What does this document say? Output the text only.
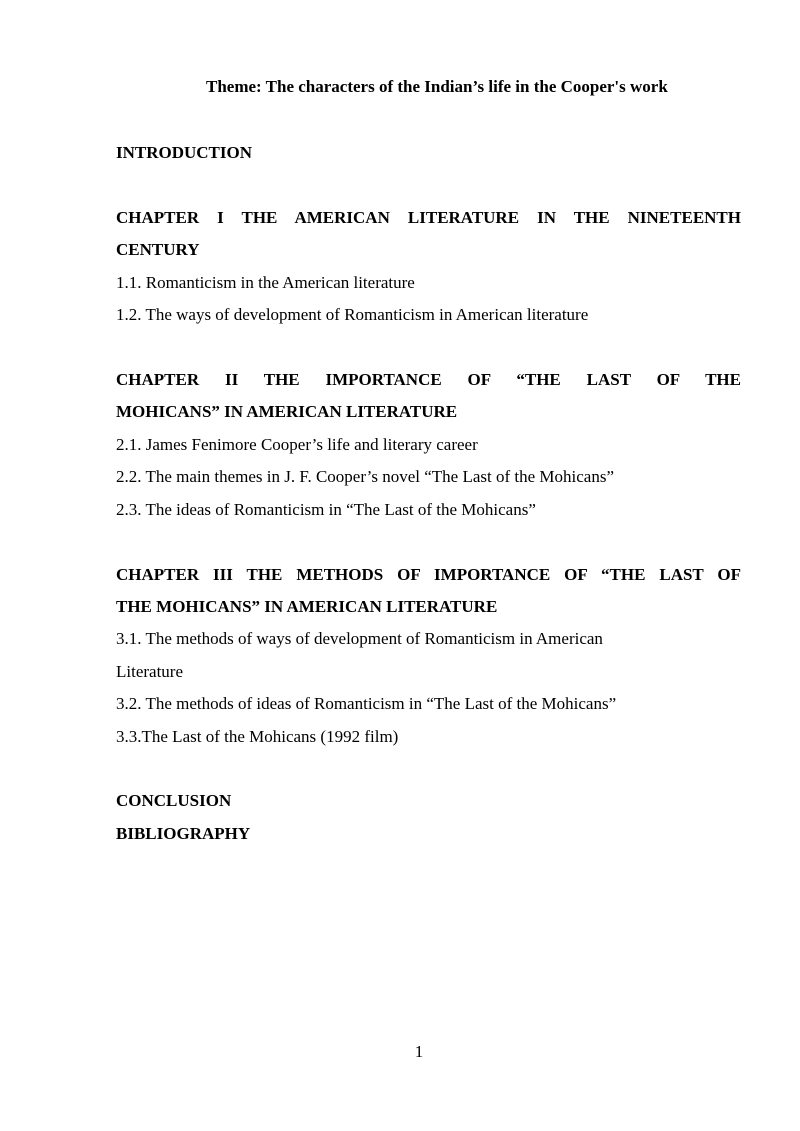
Theme: The characters of the Indian’s life in the Cooper's work

INTRODUCTION

CHAPTER I THE AMERICAN LITERATURE IN THE NINETEENTH

CENTURY

1.1. Romanticism in the American literature

1.2. The ways of development of Romanticism in American literature

CHAPTER II THE IMPORTANCE OF “THE LAST OF THE

MOHICANS” IN AMERICAN LITERATURE

2.1. James Fenimore Cooper’s life and literary career

2.2. The main themes in J. F. Cooper’s novel “The Last of the Mohicans”

2.3. The ideas of Romanticism in “The Last of the Mohicans”

CHAPTER III THE METHODS OF IMPORTANCE OF “THE LAST OF

THE MOHICANS” IN AMERICAN LITERATURE

3.1. The methods of ways of development of Romanticism in American

Literature

3.2. The methods of ideas of Romanticism in “The Last of the Mohicans”

3.3.The Last of the Mohicans (1992 film)

CONCLUSION

BIBLIOGRAPHY

1
